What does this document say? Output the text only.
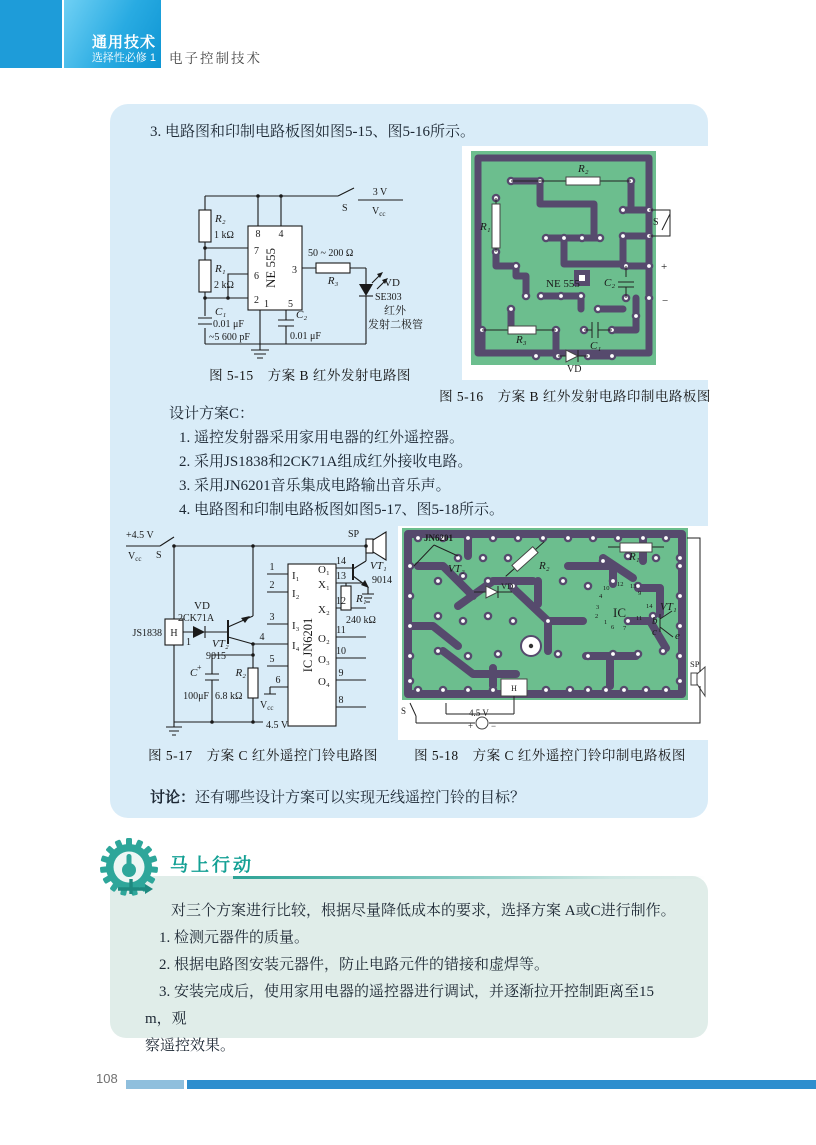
通用技术
选择性必修 1 电子控制技术
3. 电路图和印制电路板图如图5-15、图5-16所示。
R₂
1 kΩ
R₁
2 kΩ
8 4
7
6
2
3
1 5
NE 555
3 V
$V_{cc}$
S
50 ~ 200 Ω
R₃	VD
SE303
红外
发射二极管
C₁
0.01 μF
~5 600 pF
C₂
0.01 μF
图 5-15　方案 B 红外发射电路图
R₂
R₁	S
NE 555 C₂
+
−
R₃	C₁
VD
图 5-16　方案 B 红外发射电路印制电路板图
设计方案C：
1. 遥控发射器采用家用电器的红外遥控器。
2. 采用JS1838和2CK71A组成红外接收电路。
3. 采用JN6201音乐集成电路输出音乐声。
4. 电路图和印制电路板图如图5-17、图5-18所示。
+4.5 V
$V_{cc}$ S
JS1838 H
VD
2CK71A
1 VT₂
9015
C +
100μF
R₂
6.8 kΩ
IC JN6201
1
2
3
4
5
6
I₁
I₂
I₃
I₄
$V_{cc}$
4.5 V
14
13
12
11
10
9
8
O₁
X₁
X₂
O₂
O₃
O₄
SP
VT₁
9014
R₁
240 kΩ
图 5-17　方案 C 红外遥控门铃电路图
JN6201
VT₂	R₂
VD
IC
10
12 13
9
4
3
2
1
6 7
11
14 VT₁
b
c e
R₁
SP
H
4.5 V
+ −
S
图 5-18　方案 C 红外遥控门铃印制电路板图
讨论：还有哪些设计方案可以实现无线遥控门铃的目标？
马上行动

对三个方案进行比较，根据尽量降低成本的要求，选择方案 A或C进行制作。

1. 检测元器件的质量。

2. 根据电路图安装元器件，防止电路元件的错接和虚焊等。

3. 安装完成后，使用家用电器的遥控器进行调试，并逐渐拉开控制距离至15 m，观

察遥控效果。

108
